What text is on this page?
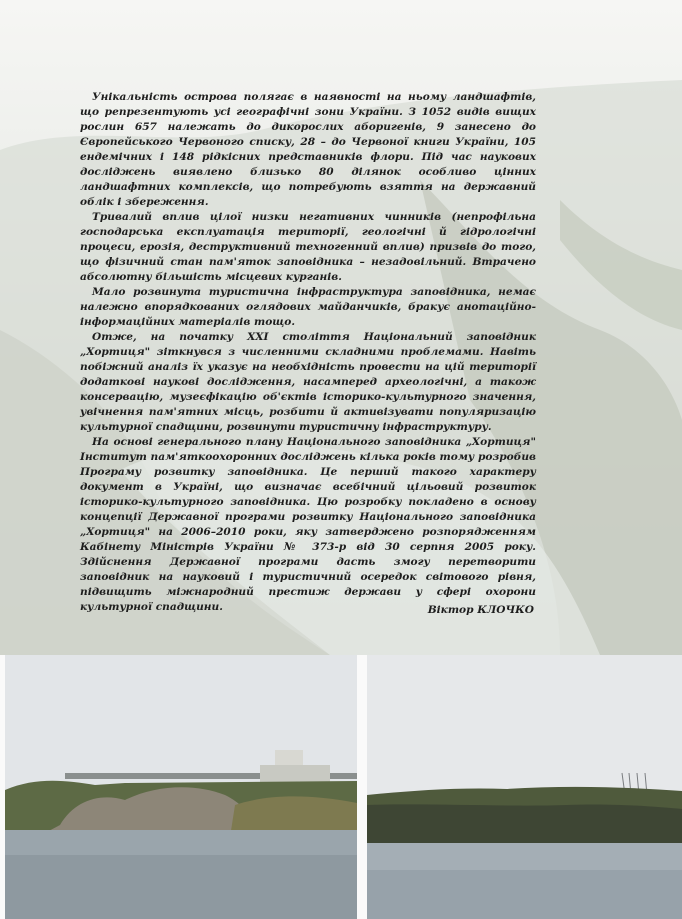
Унікальність острова полягає в наявності на ньому ландшафтів, що репрезентують усі географічні зони України. З 1052 видів вищих рослин 657 належать до дикорослих аборигенів, 9 занесено до Європейського Червоного списку, 28 – до Червоної книги України, 105 ендемічних і 148 рідкісних представників флори. Під час наукових досліджень виявлено близько 80 ділянок особливо цінних ландшафтних комплексів, що потребують взяття на державний облік і збереження.

Тривалий вплив цілої низки негативних чинників (непрофільна господарська експлуатація території, геологічні й гідрологічні процеси, ерозія, деструктивний техногенний вплив) призвів до того, що фізичний стан пам'яток заповідника – незадовільний. Втрачено абсолютну більшість місцевих курганів.

Мало розвинута туристична інфраструктура заповідника, немає належно впорядкованих оглядових майданчиків, бракує анотаційно-інформаційних матеріалів тощо.

Отже, на початку XXI століття Національний заповідник „Хортиця" зіткнувся з численними складними проблемами. Навіть побіжний аналіз їх указує на необхідність провести на цій території додаткові наукові дослідження, насамперед археологічні, а також консервацію, музеєфікацію об'єктів історико-культурного значення, увічнення пам'ятних місць, розбити й активізувати популяризацію культурної спадщини, розвинути туристичну інфраструктуру.

На основі генерального плану Національного заповідника „Хортиця" Інститут пам'яткоохоронних досліджень кілька років тому розробив Програму розвитку заповідника. Це перший такого характеру документ в Україні, що визначає всебічний цільовий розвиток історико-культурного заповідника. Цю розробку покладено в основу концепції Державної програми розвитку Національного заповідника „Хортиця" на 2006–2010 роки, яку затверджено розпорядженням Кабінету Міністрів України № 373-р від 30 серпня 2005 року. Здійснення Державної програми дасть змогу перетворити заповідник на науковий і туристичний осередок світового рівня, підвищить міжнародний престиж держави у сфері охорони культурної спадщини.	Віктор КЛОЧКО
